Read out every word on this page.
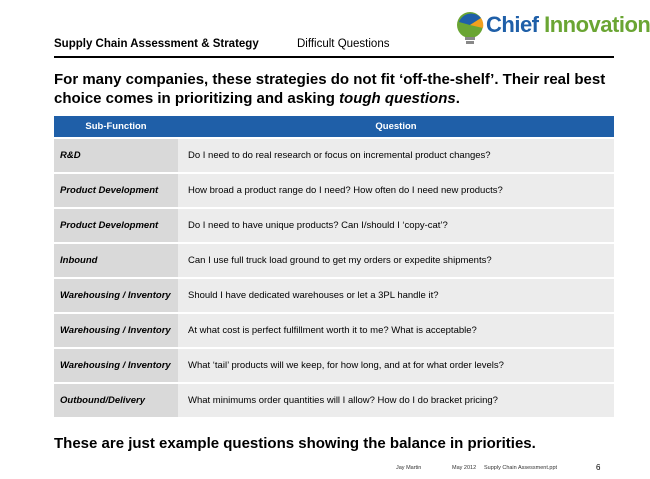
Supply Chain Assessment & Strategy	Difficult Questions
Chief Innovation
For many companies, these strategies do not fit ‘off-the-shelf’. Their real best choice comes in prioritizing and asking tough questions.
Sub-Function	Question
R&D	Do I need to do real research or focus on incremental product changes?
Product Development	How broad a product range do I need? How often do I need new products?
Product Development	Do I need to have unique products? Can I/should I ‘copy-cat’?
Inbound	Can I use full truck load ground to get my orders or expedite shipments?
Warehousing / Inventory	Should I have dedicated warehouses or let a 3PL handle it?
Warehousing / Inventory	At what cost is perfect fulfillment worth it to me? What is acceptable?
Warehousing / Inventory	What ‘tail’ products will we keep, for how long, and at for what order levels?
Outbound/Delivery	What minimums order quantities will I allow? How do I do bracket pricing?
These are just example questions showing the balance in priorities.
Jay Martin	May 2012 Supply Chain Assessment.ppt	6
